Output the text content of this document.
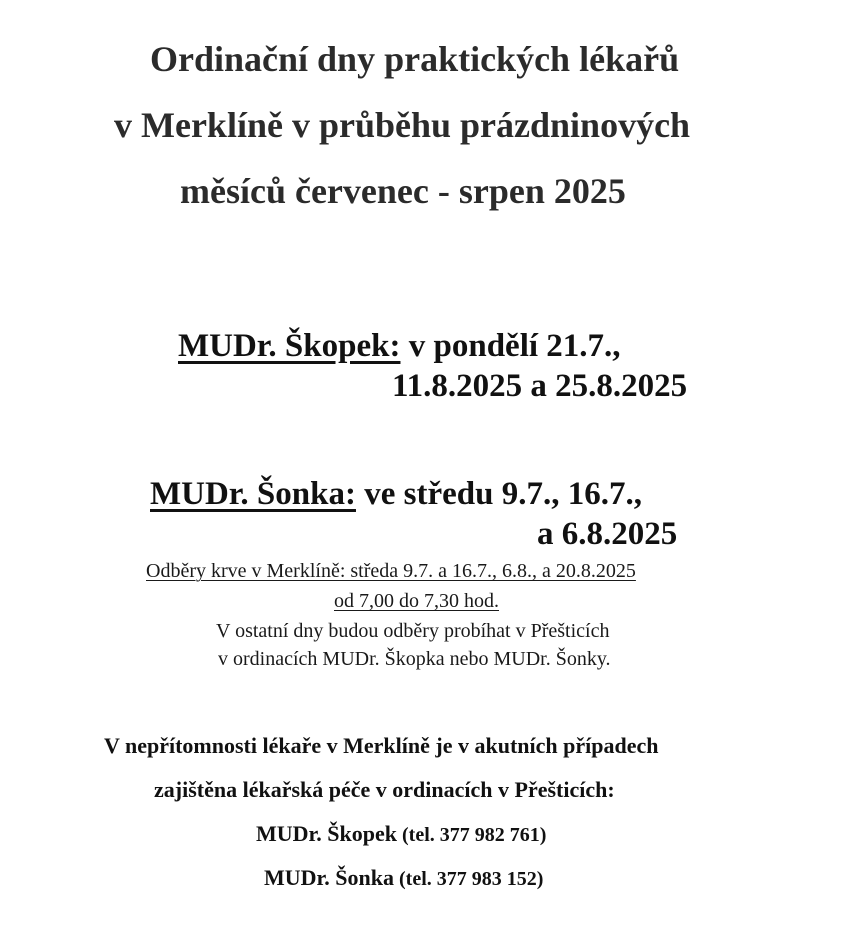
Ordinační dny praktických lékařů
v Merklíně v průběhu prázdninových
měsíců červenec - srpen 2025
MUDr. Škopek: v pondělí 21.7.,
11.8.2025 a 25.8.2025
MUDr. Šonka: ve středu 9.7., 16.7.,
a 6.8.2025
Odběry krve v Merklíně: středa 9.7. a 16.7., 6.8., a 20.8.2025
od 7,00 do 7,30 hod.
V ostatní dny budou odběry probíhat v Přešticích
v ordinacích MUDr. Škopka nebo MUDr. Šonky.
V nepřítomnosti lékaře v Merklíně je v akutních případech
zajištěna lékařská péče v ordinacích v Přešticích:
MUDr. Škopek (tel. 377 982 761)
MUDr. Šonka (tel. 377 983 152)
